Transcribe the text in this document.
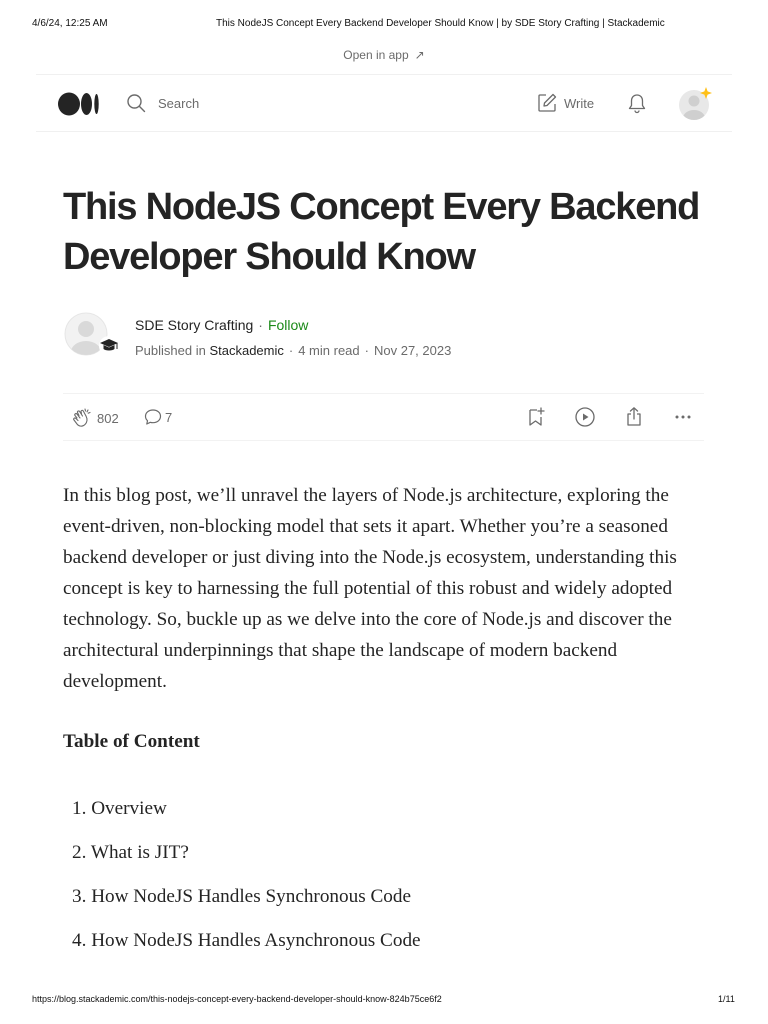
4/6/24, 12:25 AM	This NodeJS Concept Every Backend Developer Should Know | by SDE Story Crafting | Stackademic
Open in app ↗
Search
Write
This NodeJS Concept Every Backend Developer Should Know
SDE Story Crafting · Follow
Published in Stackademic · 4 min read · Nov 27, 2023
802	7

In this blog post, we’ll unravel the layers of Node.js architecture, exploring the event-driven, non-blocking model that sets it apart. Whether you’re a seasoned backend developer or just diving into the Node.js ecosystem, understanding this concept is key to harnessing the full potential of this robust and widely adopted technology. So, buckle up as we delve into the core of Node.js and discover the architectural underpinnings that shape the landscape of modern backend development.

Table of Content
1. Overview
2. What is JIT?
3. How NodeJS Handles Synchronous Code
4. How NodeJS Handles Asynchronous Code
https://blog.stackademic.com/this-nodejs-concept-every-backend-developer-should-know-824b75ce6f2	1/11
